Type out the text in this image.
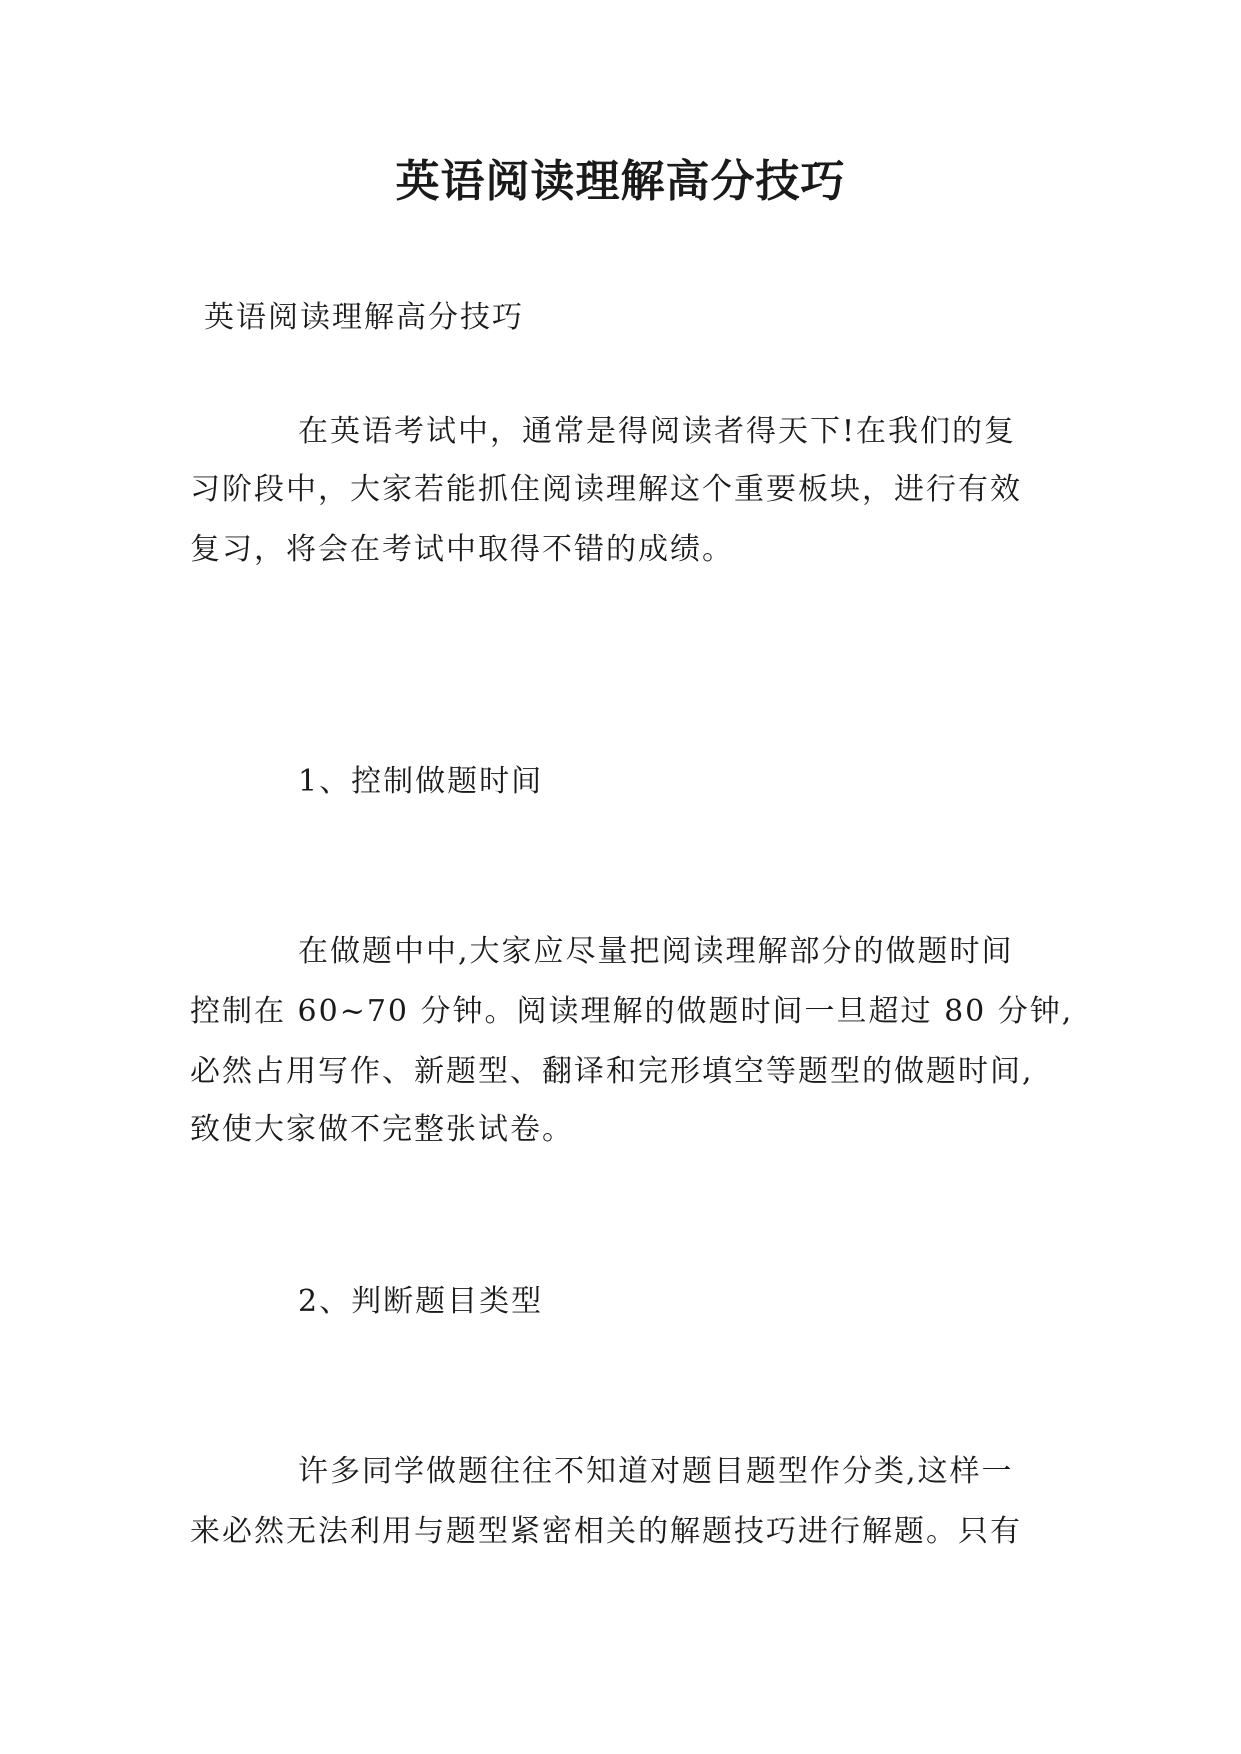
英语阅读理解高分技巧

英语阅读理解高分技巧

在英语考试中，通常是得阅读者得天下!在我们的复

习阶段中，大家若能抓住阅读理解这个重要板块，进行有效

复习，将会在考试中取得不错的成绩。

1、控制做题时间

在做题中中,大家应尽量把阅读理解部分的做题时间

控制在 60~70 分钟。阅读理解的做题时间一旦超过 80 分钟,

必然占用写作、新题型、翻译和完形填空等题型的做题时间,

致使大家做不完整张试卷。

2、判断题目类型

许多同学做题往往不知道对题目题型作分类,这样一

来必然无法利用与题型紧密相关的解题技巧进行解题。只有
